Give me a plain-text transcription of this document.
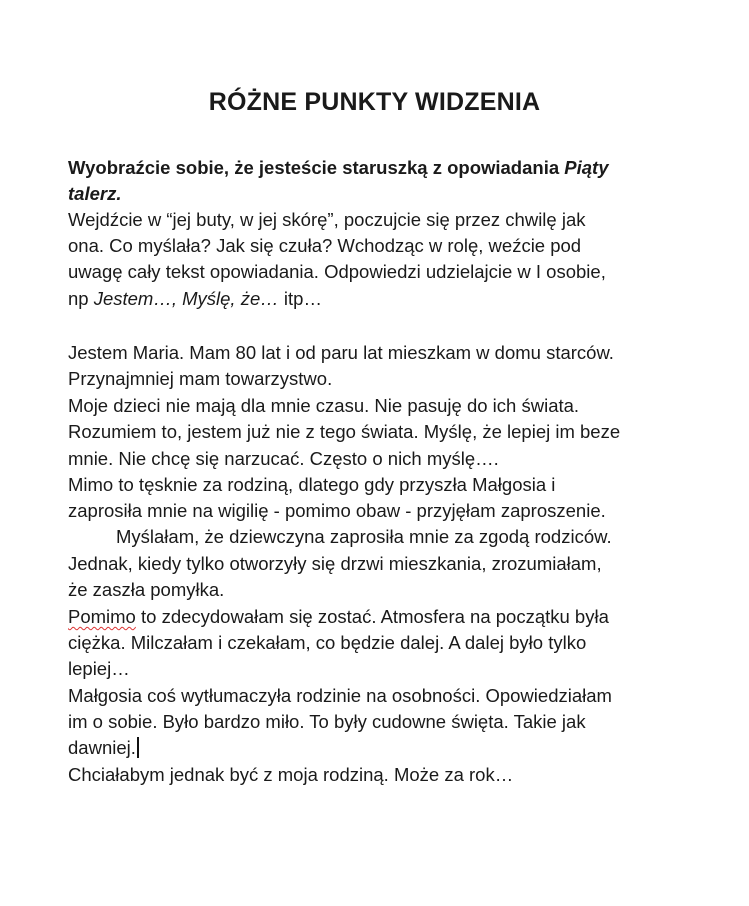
RÓŻNE PUNKTY WIDZENIA
Wyobraźcie sobie, że jesteście staruszką z opowiadania Piąty
talerz.
Wejdźcie w “jej buty, w jej skórę”, poczujcie się przez chwilę jak
ona. Co myślała? Jak się czuła? Wchodząc w rolę, weźcie pod
uwagę cały tekst opowiadania. Odpowiedzi udzielajcie w I osobie,
np Jestem…, Myślę, że… itp…
Jestem Maria. Mam 80 lat i od paru lat mieszkam w domu starców.
Przynajmniej mam towarzystwo.
Moje dzieci nie mają dla mnie czasu. Nie pasuję do ich świata.
Rozumiem to, jestem już nie z tego świata. Myślę, że lepiej im beze
mnie. Nie chcę się narzucać. Często o nich myślę….
Mimo to tęsknie za rodziną, dlatego gdy przyszła Małgosia i
zaprosiła mnie na wigilię - pomimo obaw - przyjęłam zaproszenie.
Myślałam, że dziewczyna zaprosiła mnie za zgodą rodziców.
Jednak, kiedy tylko otworzyły się drzwi mieszkania, zrozumiałam,
że zaszła pomyłka.
Pomimo to zdecydowałam się zostać. Atmosfera na początku była
ciężka. Milczałam i czekałam, co będzie dalej. A dalej było tylko
lepiej…
Małgosia coś wytłumaczyła rodzinie na osobności. Opowiedziałam
im o sobie. Było bardzo miło. To były cudowne święta. Takie jak
dawniej.
Chciałabym jednak być z moja rodziną. Może za rok…
